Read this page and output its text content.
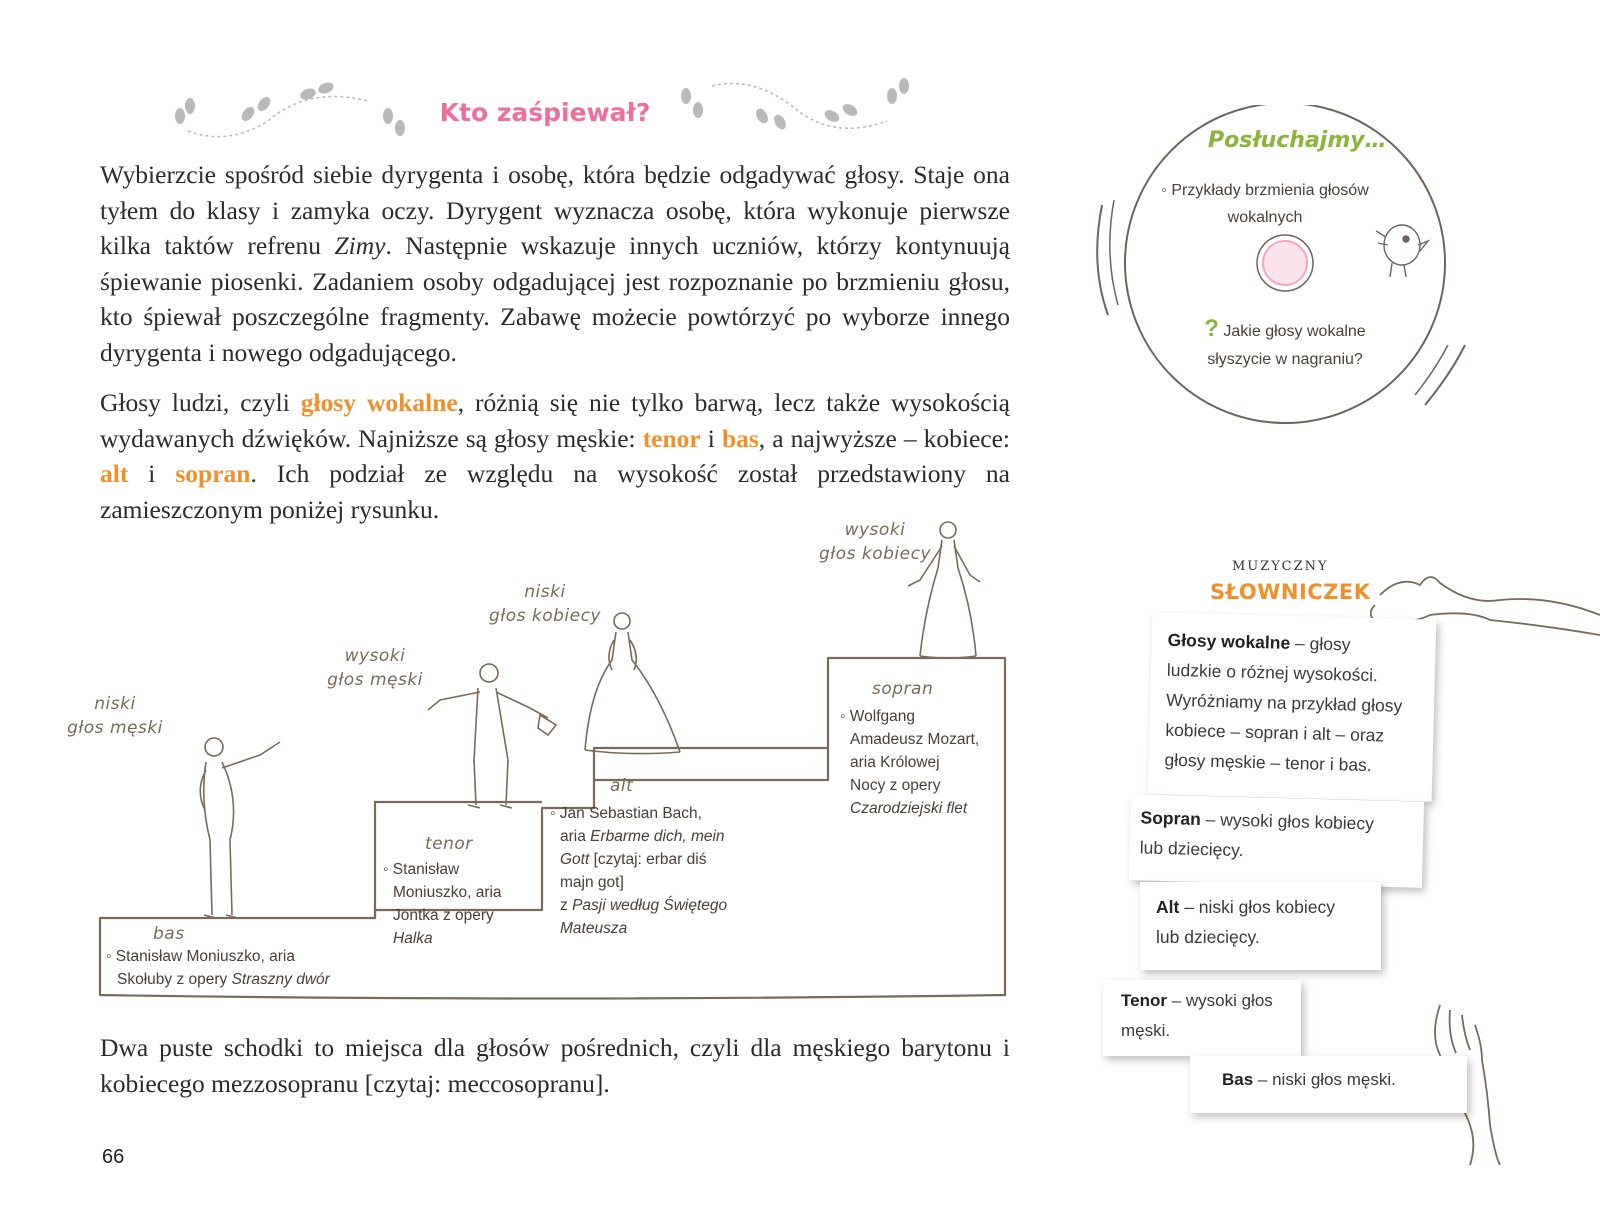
Kto zaśpiewał?

Wybierzcie spośród siebie dyrygenta i osobę, która będzie odgadywać głosy. Staje ona tyłem do klasy i zamyka oczy. Dyrygent wyznacza osobę, która wykonuje pierwsze kilka taktów refrenu Zimy. Następnie wskazuje innych uczniów, którzy kontynuują śpiewanie piosenki. Zadaniem osoby odgadującej jest rozpoznanie po brzmieniu głosu, kto śpiewał poszczególne fragmenty. Zabawę możecie powtórzyć po wyborze innego dyrygenta i nowego odgadującego.

Głosy ludzi, czyli głosy wokalne, różnią się nie tylko barwą, lecz także wysokością wydawanych dźwięków. Najniższe są głosy męskie: tenor i bas, a najwyższe – kobiece: alt i sopran. Ich podział ze względu na wysokość został przedstawiony na zamieszczonym poniżej rysunku.

niski
głos męski
wysoki
głos męski
niski
głos kobiecy
wysoki
głos kobiecy
bas
◦ Stanisław Moniuszko, aria
Skołuby z opery Straszny dwór
tenor
◦ Stanisław
Moniuszko, aria
Jontka z opery
Halka
alt
◦ Jan Sebastian Bach,
aria Erbarme dich, mein
Gott [czytaj: erbar diś
majn got]
z Pasji według Świętego
Mateusza
sopran
◦ Wolfgang
Amadeusz Mozart,
aria Królowej
Nocy z opery
Czarodziejski flet
Dwa puste schodki to miejsca dla głosów pośrednich, czyli dla męskiego barytonu i kobiecego mezzosopranu [czytaj: meccosopranu].
66
Posłuchajmy…
◦ Przykłady brzmienia głosów
wokalnych
? Jakie głosy wokalne
słyszycie w nagraniu?
MUZYCZNY
SŁOWNICZEK
Głosy wokalne – głosy
ludzkie o różnej wysokości.
Wyróżniamy na przykład głosy
kobiece – sopran i alt – oraz
głosy męskie – tenor i bas.
Sopran – wysoki głos kobiecy
lub dziecięcy.
Alt – niski głos kobiecy
lub dziecięcy.
Tenor – wysoki głos
męski.
Bas – niski głos męski.
